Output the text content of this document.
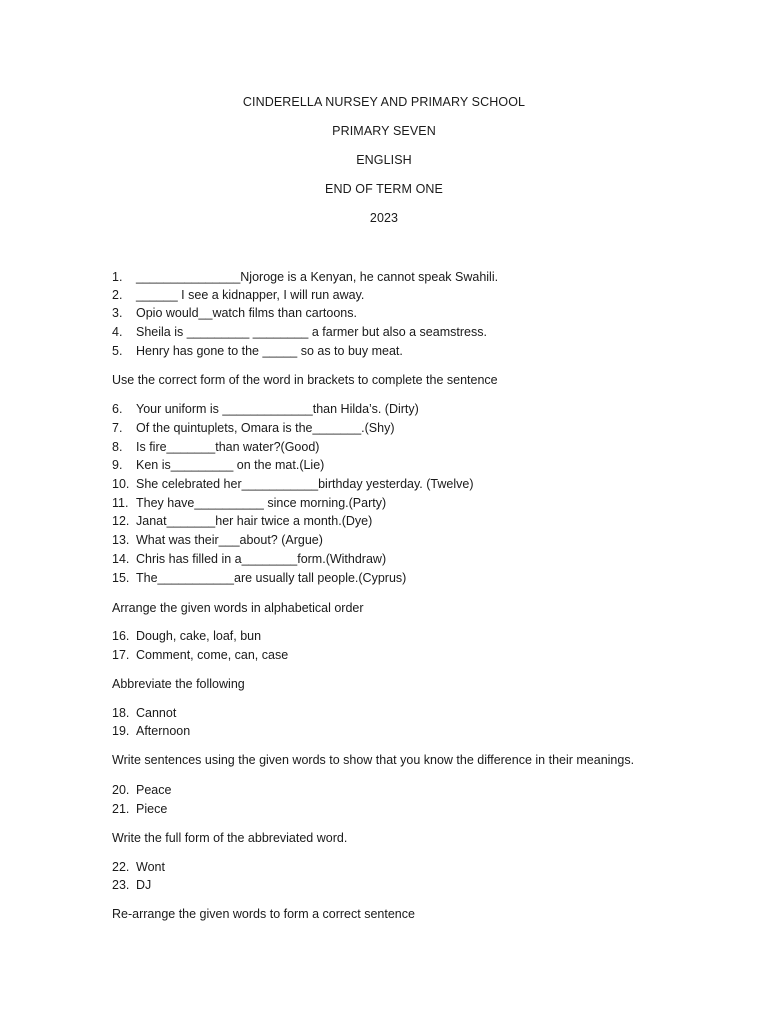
CINDERELLA NURSEY AND PRIMARY SCHOOL
PRIMARY SEVEN
ENGLISH
END OF TERM ONE
2023
1. _______________Njoroge is a Kenyan, he cannot speak Swahili.
2. ______ I see a kidnapper, I will run away.
3. Opio would__watch films than cartoons.
4. Sheila is _________ ________ a farmer but also a seamstress.
5. Henry has gone to the _____ so as to buy meat.
Use the correct form of the word in brackets to complete the sentence
6. Your uniform is _____________than Hilda’s. (Dirty)
7. Of the quintuplets, Omara is the_______.(Shy)
8. Is fire_______than water?(Good)
9. Ken is_________ on the mat.(Lie)
10. She celebrated her___________birthday yesterday. (Twelve)
11. They have__________ since morning.(Party)
12. Janat_______her hair twice a month.(Dye)
13. What was their___about? (Argue)
14. Chris has filled in a________form.(Withdraw)
15. The___________are usually tall people.(Cyprus)
Arrange the given words in alphabetical order
16. Dough, cake, loaf, bun
17. Comment, come, can, case
Abbreviate the following
18. Cannot
19. Afternoon
Write sentences using the given words to show that you know the difference in their meanings.
20. Peace
21. Piece
Write the full form of the abbreviated word.
22. Wont
23. DJ
Re-arrange the given words to form a correct sentence
